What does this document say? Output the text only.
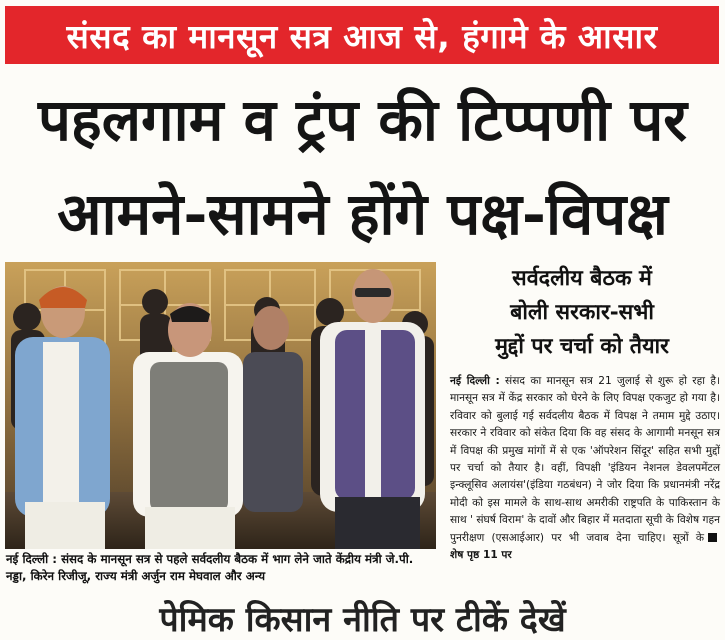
संसद का मानसून सत्र आज से, हंगामे के आसार
पहलगाम व ट्रंप की टिप्पणी पर
आमने-सामने होंगे पक्ष-विपक्ष
नई दिल्ली : संसद के मानसून सत्र से पहले सर्वदलीय बैठक में भाग लेने जाते केंद्रीय मंत्री जे.पी. नड्डा, किरेन रिजीजू, राज्य मंत्री अर्जुन राम मेघवाल और अन्य
सर्वदलीय बैठक में
बोली सरकार-सभी
मुद्दों पर चर्चा को तैयार
नई दिल्ली : संसद का मानसून सत्र 21 जुलाई से शुरू हो रहा है। मानसून सत्र में केंद्र सरकार को घेरने के लिए विपक्ष एकजुट हो गया है। रविवार को बुलाई गई सर्वदलीय बैठक में विपक्ष ने तमाम मुद्दे उठाए। सरकार ने रविवार को संकेत दिया कि वह संसद के आगामी मनसून सत्र में विपक्ष की प्रमुख मांगों में से एक 'ऑपरेशन सिंदूर' सहित सभी मुद्दों पर चर्चा को तैयार है। वहीं, विपक्षी 'इंडियन नेशनल डेवलपमेंटल इन्क्लूसिव अलायंस'(इंडिया गठबंधन) ने जोर दिया कि प्रधानमंत्री नरेंद्र मोदी को इस मामले के साथ-साथ अमरीकी राष्ट्रपति के पाकिस्तान के साथ ' संघर्ष विराम' के दावों और बिहार में मतदाता सूची के विशेष गहन पुनरीक्षण (एसआईआर) पर भी जवाब देना चाहिए। सूत्रों केशेष पृष्ठ 11 पर
पेमिक किसान नीति पर टीकें देखें
